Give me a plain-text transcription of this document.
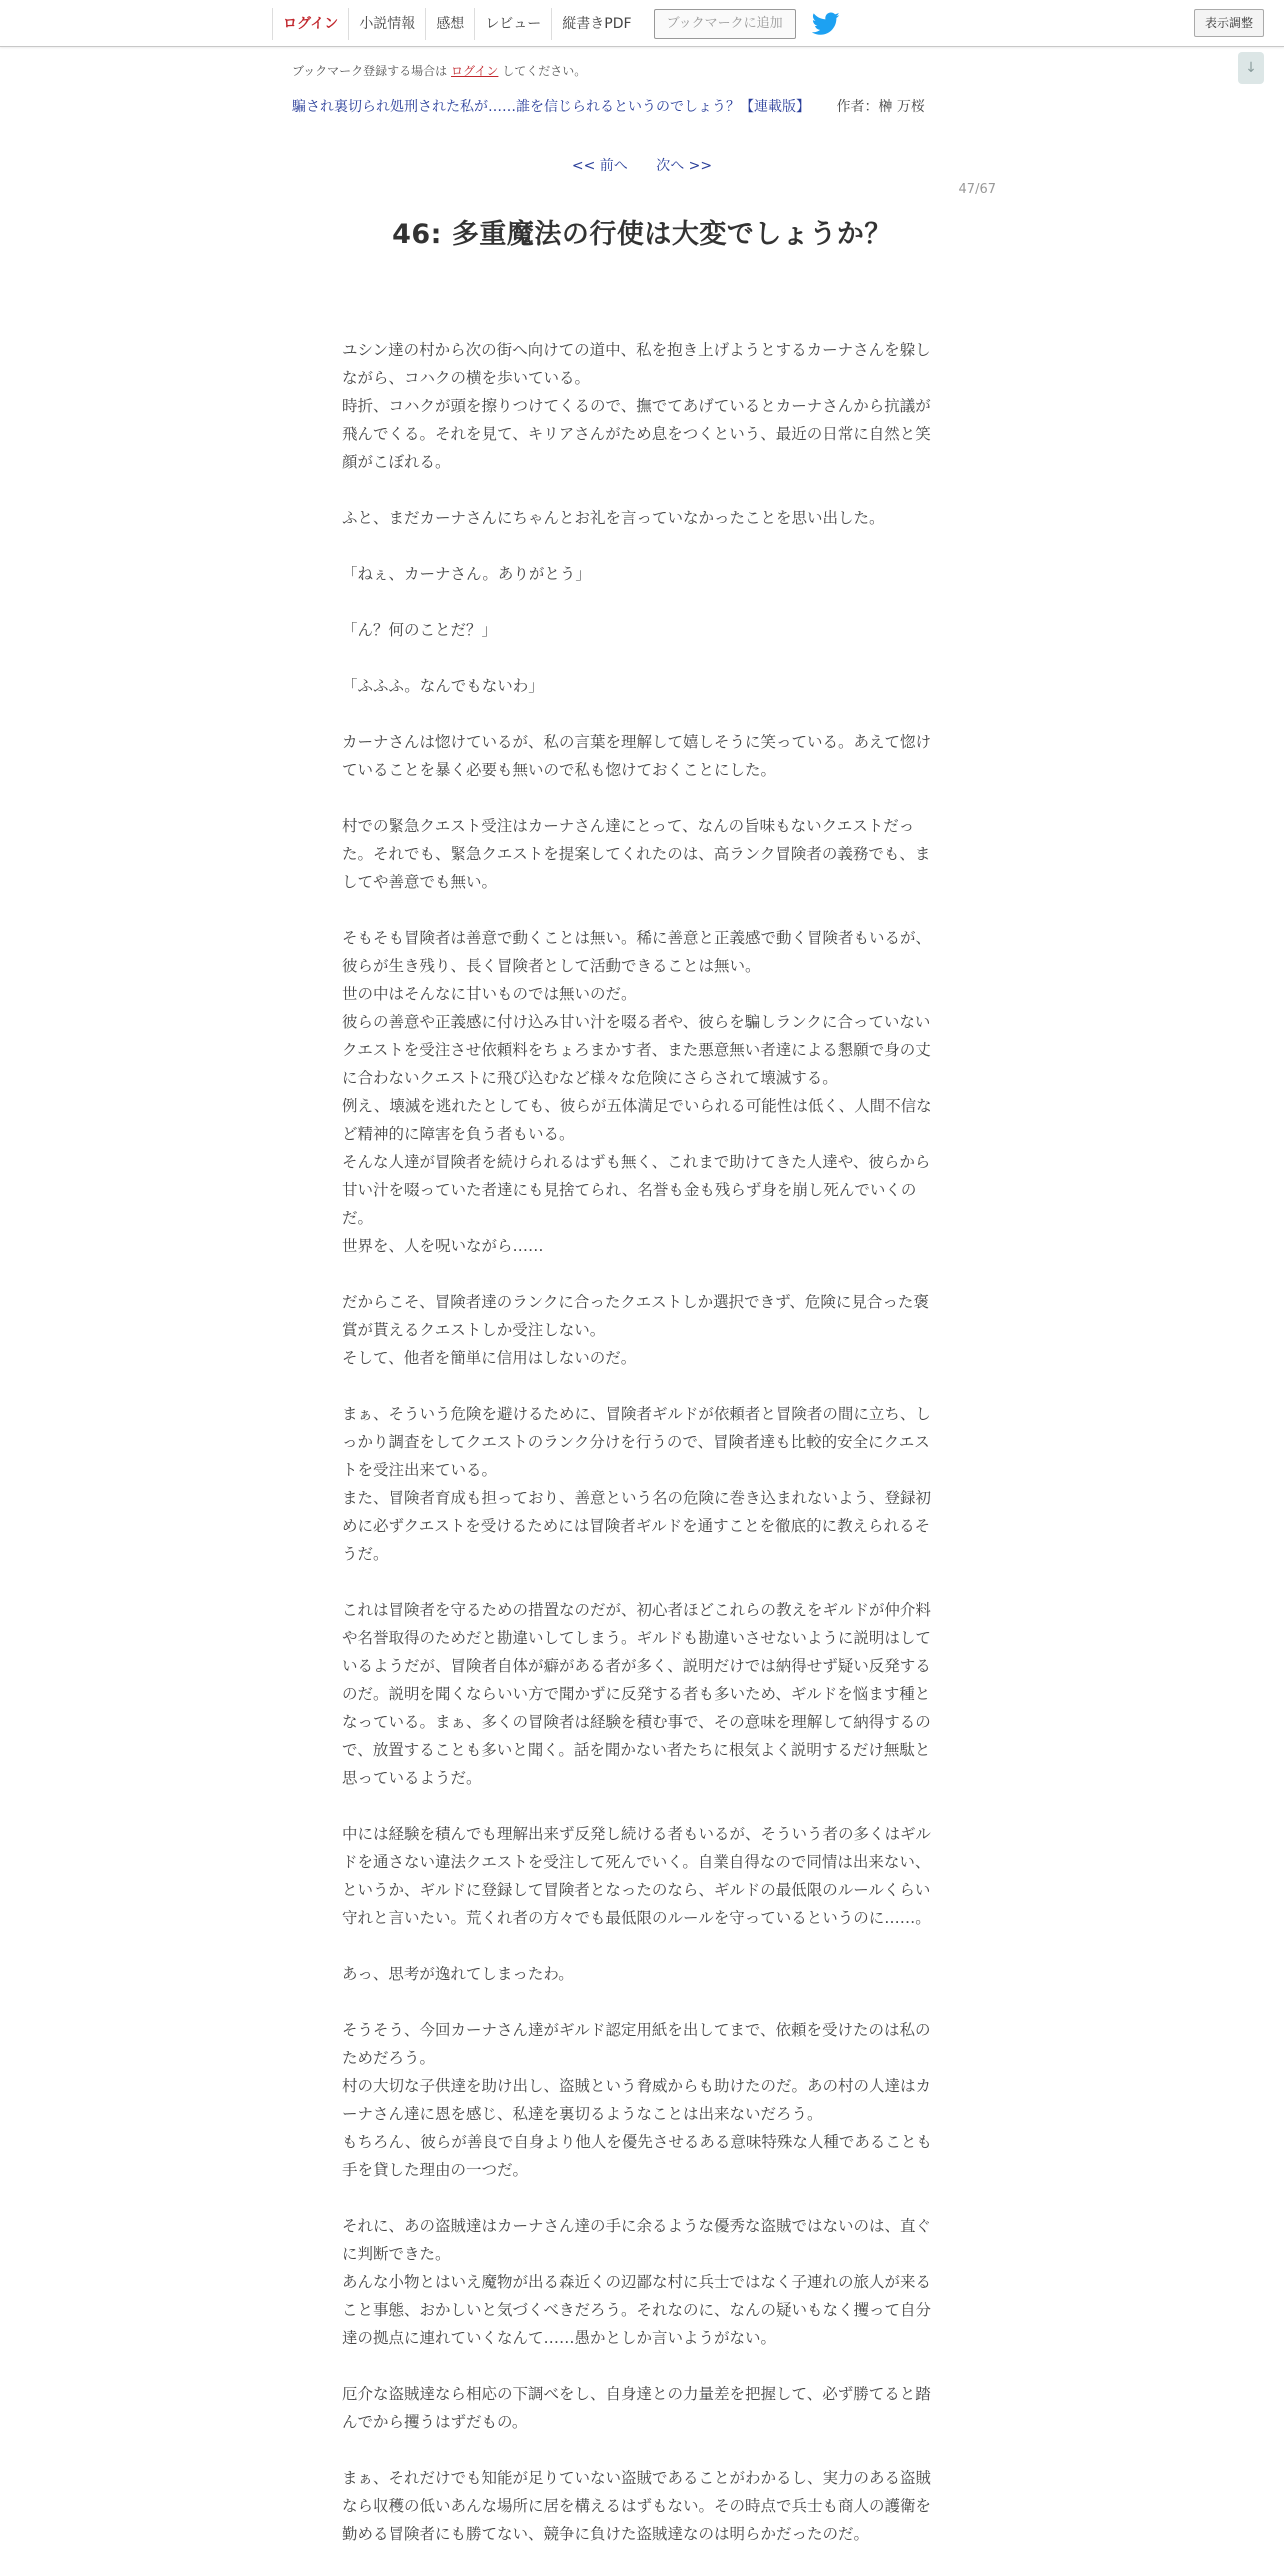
ログイン	小説情報	感想	レビュー	縦書きPDF	ブックマークに追加	表示調整
↓
ブックマーク登録する場合は ログイン してください。
騙され裏切られ処刑された私が……誰を信じられるというのでしょう？【連載版】 作者：榊 万桜
<< 前へ 次へ >>
47/67
46: 多重魔法の行使は大変でしょうか？

ユシン達の村から次の街へ向けての道中、私を抱き上げようとするカーナさんを躱しながら、コハクの横を歩いている。

時折、コハクが頭を擦りつけてくるので、撫でてあげているとカーナさんから抗議が飛んでくる。それを見て、キリアさんがため息をつくという、最近の日常に自然と笑顔がこぼれる。

ふと、まだカーナさんにちゃんとお礼を言っていなかったことを思い出した。

「ねぇ、カーナさん。ありがとう」

「ん？何のことだ？」

「ふふふ。なんでもないわ」

カーナさんは惚けているが、私の言葉を理解して嬉しそうに笑っている。あえて惚けていることを暴く必要も無いので私も惚けておくことにした。

村での緊急クエスト受注はカーナさん達にとって、なんの旨味もないクエストだった。それでも、緊急クエストを提案してくれたのは、高ランク冒険者の義務でも、ましてや善意でも無い。

そもそも冒険者は善意で動くことは無い。稀に善意と正義感で動く冒険者もいるが、彼らが生き残り、長く冒険者として活動できることは無い。

世の中はそんなに甘いものでは無いのだ。

彼らの善意や正義感に付け込み甘い汁を啜る者や、彼らを騙しランクに合っていないクエストを受注させ依頼料をちょろまかす者、また悪意無い者達による懇願で身の丈に合わないクエストに飛び込むなど様々な危険にさらされて壊滅する。

例え、壊滅を逃れたとしても、彼らが五体満足でいられる可能性は低く、人間不信など精神的に障害を負う者もいる。

そんな人達が冒険者を続けられるはずも無く、これまで助けてきた人達や、彼らから甘い汁を啜っていた者達にも見捨てられ、名誉も金も残らず身を崩し死んでいくのだ。

世界を、人を呪いながら……

だからこそ、冒険者達のランクに合ったクエストしか選択できず、危険に見合った褒賞が貰えるクエストしか受注しない。

そして、他者を簡単に信用はしないのだ。

まぁ、そういう危険を避けるために、冒険者ギルドが依頼者と冒険者の間に立ち、しっかり調査をしてクエストのランク分けを行うので、冒険者達も比較的安全にクエストを受注出来ている。

また、冒険者育成も担っており、善意という名の危険に巻き込まれないよう、登録初めに必ずクエストを受けるためには冒険者ギルドを通すことを徹底的に教えられるそうだ。

これは冒険者を守るための措置なのだが、初心者ほどこれらの教えをギルドが仲介料や名誉取得のためだと勘違いしてしまう。ギルドも勘違いさせないように説明はしているようだが、冒険者自体が癖がある者が多く、説明だけでは納得せず疑い反発するのだ。説明を聞くならいい方で聞かずに反発する者も多いため、ギルドを悩ます種となっている。まぁ、多くの冒険者は経験を積む事で、その意味を理解して納得するので、放置することも多いと聞く。話を聞かない者たちに根気よく説明するだけ無駄と思っているようだ。

中には経験を積んでも理解出来ず反発し続ける者もいるが、そういう者の多くはギルドを通さない違法クエストを受注して死んでいく。自業自得なので同情は出来ない、というか、ギルドに登録して冒険者となったのなら、ギルドの最低限のルールくらい守れと言いたい。荒くれ者の方々でも最低限のルールを守っているというのに……。

あっ、思考が逸れてしまったわ。

そうそう、今回カーナさん達がギルド認定用紙を出してまで、依頼を受けたのは私のためだろう。

村の大切な子供達を助け出し、盗賊という脅威からも助けたのだ。あの村の人達はカーナさん達に恩を感じ、私達を裏切るようなことは出来ないだろう。

もちろん、彼らが善良で自身より他人を優先させるある意味特殊な人種であることも手を貸した理由の一つだ。

それに、あの盗賊達はカーナさん達の手に余るような優秀な盗賊ではないのは、直ぐに判断できた。

あんな小物とはいえ魔物が出る森近くの辺鄙な村に兵士ではなく子連れの旅人が来ること事態、おかしいと気づくべきだろう。それなのに、なんの疑いもなく攫って自分達の拠点に連れていくなんて……愚かとしか言いようがない。

厄介な盗賊達なら相応の下調べをし、自身達との力量差を把握して、必ず勝てると踏んでから攫うはずだもの。

まぁ、それだけでも知能が足りていない盗賊であることがわかるし、実力のある盗賊なら収穫の低いあんな場所に居を構えるはずもない。その時点で兵士も商人の護衛を勤める冒険者にも勝てない、競争に負けた盗賊達なのは明らかだったのだ。
